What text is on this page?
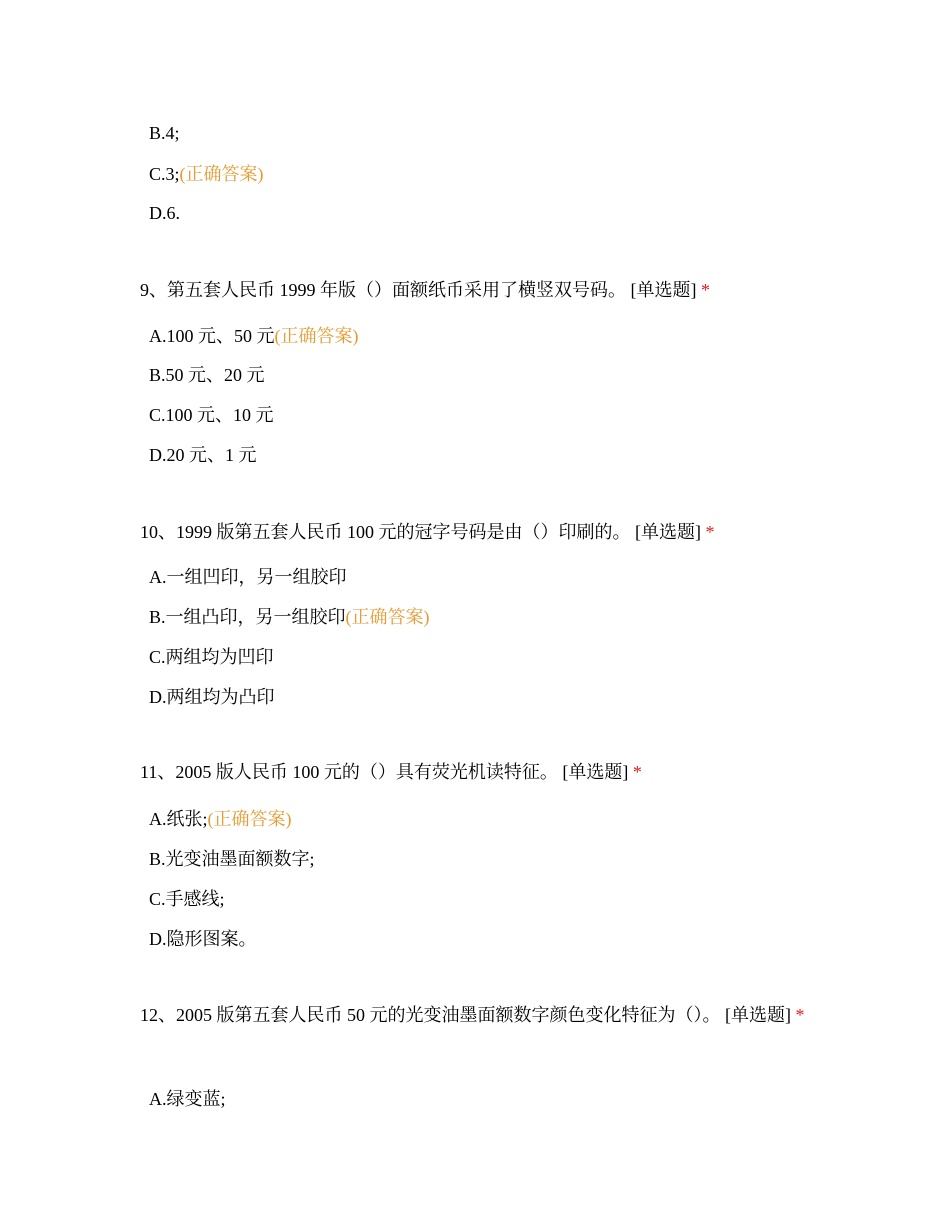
B.4;
C.3;(正确答案)
D.6.
9、第五套人民币 1999 年版（）面额纸币采用了横竖双号码。 [单选题] *
A.100 元、50 元(正确答案)
B.50 元、20 元
C.100 元、10 元
D.20 元、1 元
10、1999 版第五套人民币 100 元的冠字号码是由（）印刷的。 [单选题] *
A.一组凹印，另一组胶印
B.一组凸印，另一组胶印(正确答案)
C.两组均为凹印
D.两组均为凸印
11、2005 版人民币 100 元的（）具有荧光机读特征。 [单选题] *
A.纸张;(正确答案)
B.光变油墨面额数字;
C.手感线;
D.隐形图案。
12、2005 版第五套人民币 50 元的光变油墨面额数字颜色变化特征为（）。 [单选题] *
A.绿变蓝;
